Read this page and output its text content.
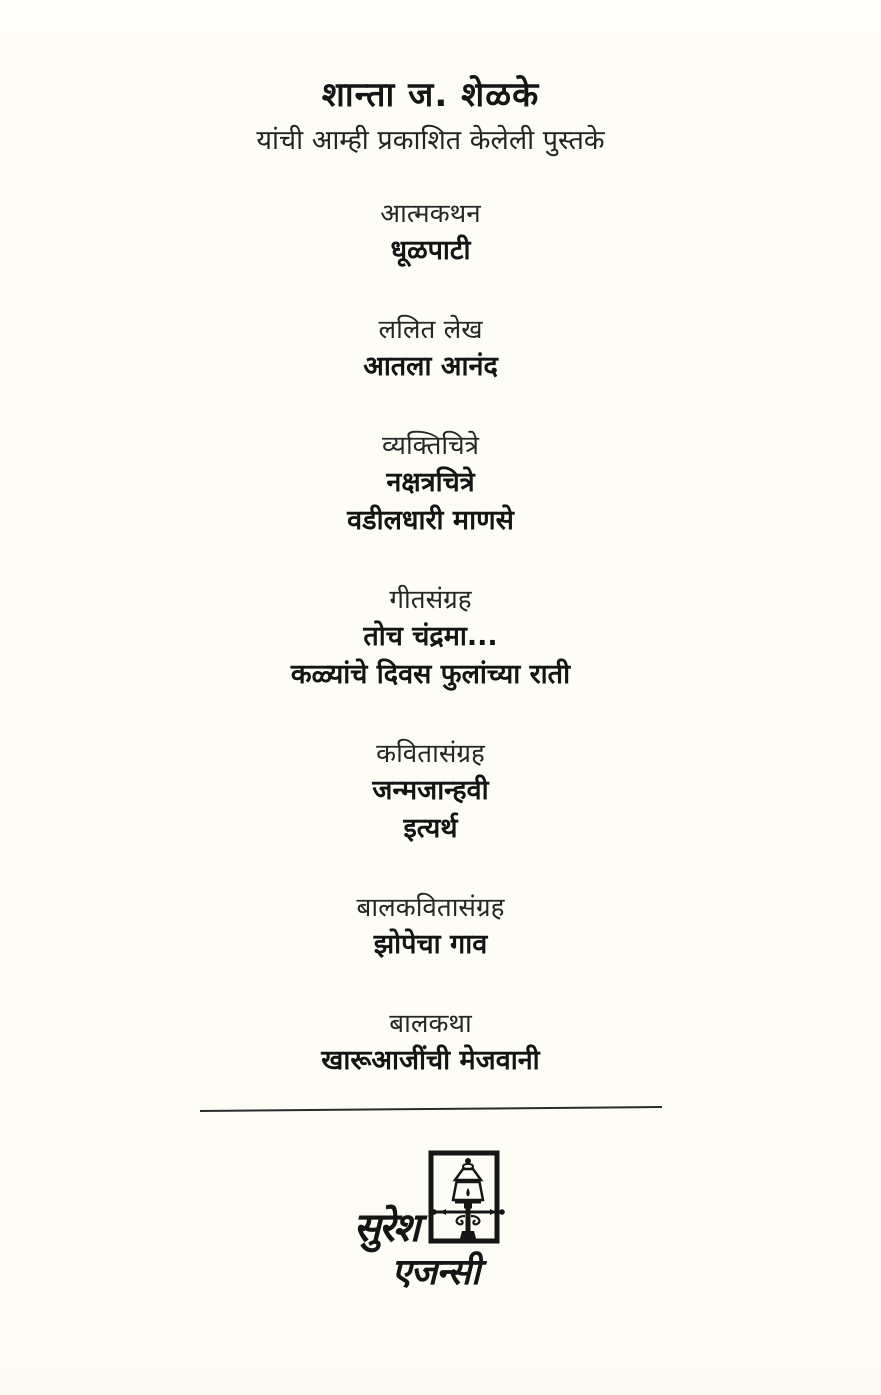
शान्ता ज. शेळके
यांची आम्ही प्रकाशित केलेली पुस्तके
आत्मकथन
धूळपाटी
ललित लेख
आतला आनंद
व्यक्तिचित्रे
नक्षत्रचित्रे
वडीलधारी माणसे
गीतसंग्रह
तोच चंद्रमा...
कळ्यांचे दिवस फुलांच्या राती
कवितासंग्रह
जन्मजान्हवी
इत्यर्थ
बालकवितासंग्रह
झोपेचा गाव
बालकथा
खारूआजींची मेजवानी
सुरेश
एजन्सी
